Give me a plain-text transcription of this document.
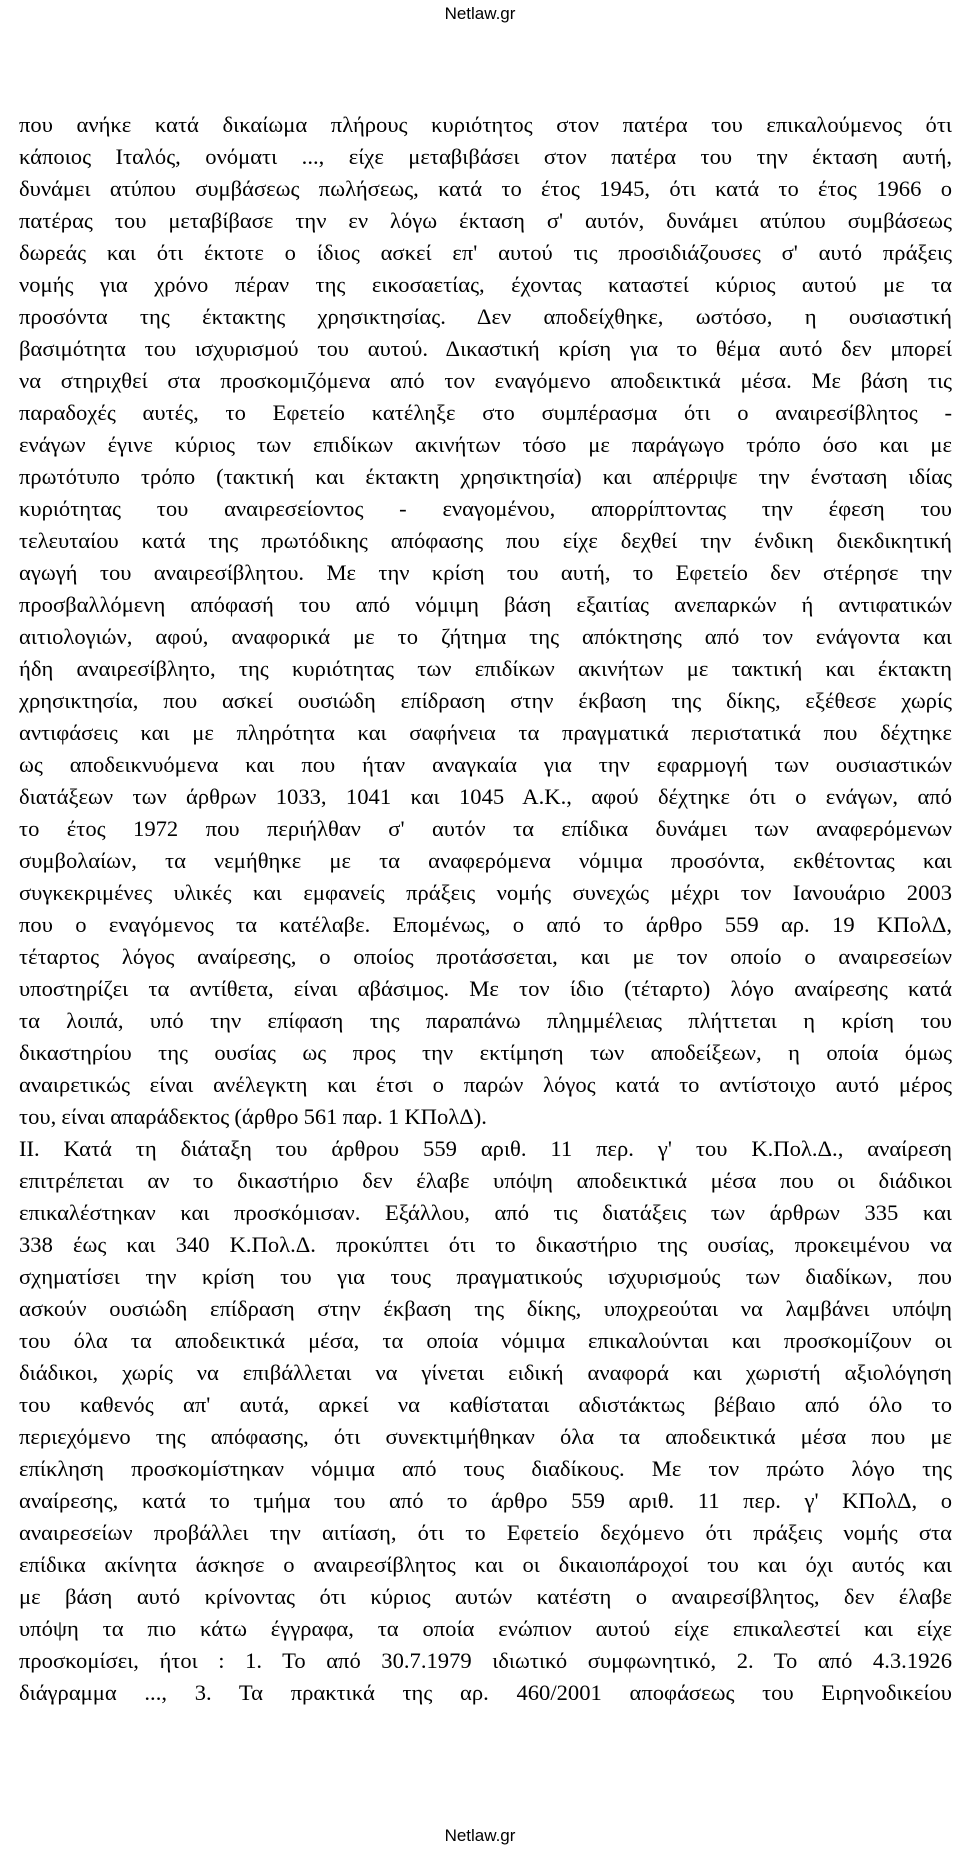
Netlaw.gr
που ανήκε κατά δικαίωμα πλήρους κυριότητος στον πατέρα του επικαλούμενος ότι
κάποιος Ιταλός, ονόματι ..., είχε μεταβιβάσει στον πατέρα του την έκταση αυτή,
δυνάμει ατύπου συμβάσεως πωλήσεως, κατά το έτος 1945, ότι κατά το έτος 1966 ο
πατέρας του μεταβίβασε την εν λόγω έκταση σ' αυτόν, δυνάμει ατύπου συμβάσεως
δωρεάς και ότι έκτοτε ο ίδιος ασκεί επ' αυτού τις προσιδιάζουσες σ' αυτό πράξεις
νομής για χρόνο πέραν της εικοσαετίας, έχοντας καταστεί κύριος αυτού με τα
προσόντα της έκτακτης χρησικτησίας. Δεν αποδείχθηκε, ωστόσο, η ουσιαστική
βασιμότητα του ισχυρισμού του αυτού. Δικαστική κρίση για το θέμα αυτό δεν μπορεί
να στηριχθεί στα προσκομιζόμενα από τον εναγόμενο αποδεικτικά μέσα. Με βάση τις
παραδοχές αυτές, το Εφετείο κατέληξε στο συμπέρασμα ότι ο αναιρεσίβλητος -
ενάγων έγινε κύριος των επιδίκων ακινήτων τόσο με παράγωγο τρόπο όσο και με
πρωτότυπο τρόπο (τακτική και έκτακτη χρησικτησία) και απέρριψε την ένσταση ιδίας
κυριότητας του αναιρεσείοντος - εναγομένου, απορρίπτοντας την έφεση του
τελευταίου κατά της πρωτόδικης απόφασης που είχε δεχθεί την ένδικη διεκδικητική
αγωγή του αναιρεσίβλητου. Με την κρίση του αυτή, το Εφετείο δεν στέρησε την
προσβαλλόμενη απόφασή του από νόμιμη βάση εξαιτίας ανεπαρκών ή αντιφατικών
αιτιολογιών, αφού, αναφορικά με το ζήτημα της απόκτησης από τον ενάγοντα και
ήδη αναιρεσίβλητο, της κυριότητας των επιδίκων ακινήτων με τακτική και έκτακτη
χρησικτησία, που ασκεί ουσιώδη επίδραση στην έκβαση της δίκης, εξέθεσε χωρίς
αντιφάσεις και με πληρότητα και σαφήνεια τα πραγματικά περιστατικά που δέχτηκε
ως αποδεικνυόμενα και που ήταν αναγκαία για την εφαρμογή των ουσιαστικών
διατάξεων των άρθρων 1033, 1041 και 1045 Α.Κ., αφού δέχτηκε ότι ο ενάγων, από
το έτος 1972 που περιήλθαν σ' αυτόν τα επίδικα δυνάμει των αναφερόμενων
συμβολαίων, τα νεμήθηκε με τα αναφερόμενα νόμιμα προσόντα, εκθέτοντας και
συγκεκριμένες υλικές και εμφανείς πράξεις νομής συνεχώς μέχρι τον Ιανουάριο 2003
που ο εναγόμενος τα κατέλαβε. Επομένως, ο από το άρθρο 559 αρ. 19 ΚΠολΔ,
τέταρτος λόγος αναίρεσης, ο οποίος προτάσσεται, και με τον οποίο ο αναιρεσείων
υποστηρίζει τα αντίθετα, είναι αβάσιμος. Με τον ίδιο (τέταρτο) λόγο αναίρεσης κατά
τα λοιπά, υπό την επίφαση της παραπάνω πλημμέλειας πλήττεται η κρίση του
δικαστηρίου της ουσίας ως προς την εκτίμηση των αποδείξεων, η οποία όμως
αναιρετικώς είναι ανέλεγκτη και έτσι ο παρών λόγος κατά το αντίστοιχο αυτό μέρος
του, είναι απαράδεκτος (άρθρο 561 παρ. 1 ΚΠολΔ).
ΙΙ. Κατά τη διάταξη του άρθρου 559 αριθ. 11 περ. γ' του Κ.Πολ.Δ., αναίρεση
επιτρέπεται αν το δικαστήριο δεν έλαβε υπόψη αποδεικτικά μέσα που οι διάδικοι
επικαλέστηκαν και προσκόμισαν. Εξάλλου, από τις διατάξεις των άρθρων 335 και
338 έως και 340 Κ.Πολ.Δ. προκύπτει ότι το δικαστήριο της ουσίας, προκειμένου να
σχηματίσει την κρίση του για τους πραγματικούς ισχυρισμούς των διαδίκων, που
ασκούν ουσιώδη επίδραση στην έκβαση της δίκης, υποχρεούται να λαμβάνει υπόψη
του όλα τα αποδεικτικά μέσα, τα οποία νόμιμα επικαλούνται και προσκομίζουν οι
διάδικοι, χωρίς να επιβάλλεται να γίνεται ειδική αναφορά και χωριστή αξιολόγηση
του καθενός απ' αυτά, αρκεί να καθίσταται αδιστάκτως βέβαιο από όλο το
περιεχόμενο της απόφασης, ότι συνεκτιμήθηκαν όλα τα αποδεικτικά μέσα που με
επίκληση προσκομίστηκαν νόμιμα από τους διαδίκους. Με τον πρώτο λόγο της
αναίρεσης, κατά το τμήμα του από το άρθρο 559 αριθ. 11 περ. γ' ΚΠολΔ, ο
αναιρεσείων προβάλλει την αιτίαση, ότι το Εφετείο δεχόμενο ότι πράξεις νομής στα
επίδικα ακίνητα άσκησε ο αναιρεσίβλητος και οι δικαιοπάροχοί του και όχι αυτός και
με βάση αυτό κρίνοντας ότι κύριος αυτών κατέστη ο αναιρεσίβλητος, δεν έλαβε
υπόψη τα πιο κάτω έγγραφα, τα οποία ενώπιον αυτού είχε επικαλεστεί και είχε
προσκομίσει, ήτοι : 1. Το από 30.7.1979 ιδιωτικό συμφωνητικό, 2. Το από 4.3.1926
διάγραμμα ..., 3. Τα πρακτικά της αρ. 460/2001 αποφάσεως του Ειρηνοδικείου
Netlaw.gr
